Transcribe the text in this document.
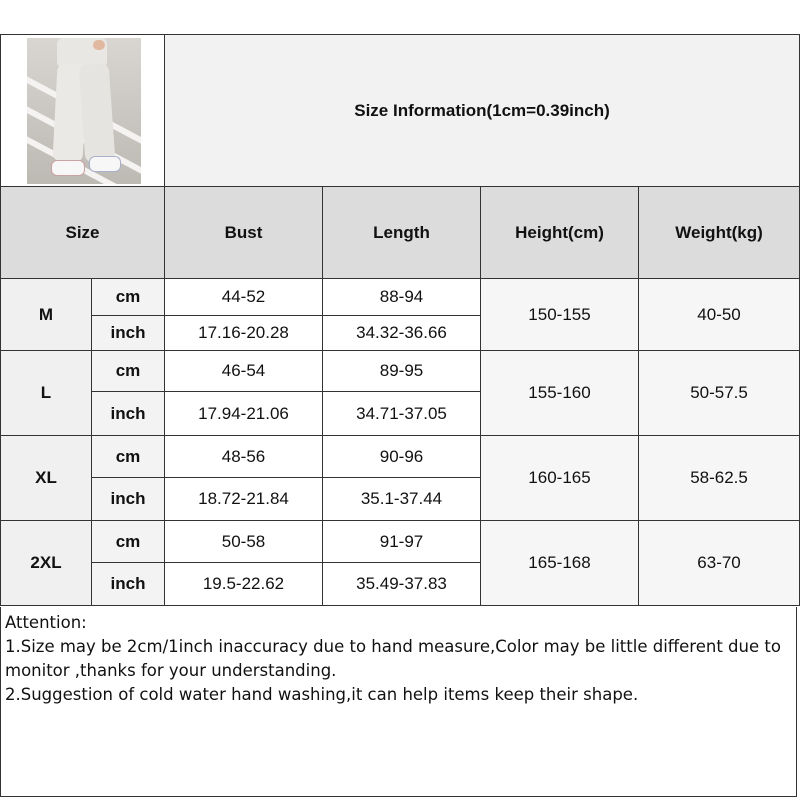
		Size Information(1cm=0.39inch)			
Size		Bust	Length	Height(cm)	Weight(kg)
M	cm	44-52	88-94	150-155	40-50
	inch	17.16-20.28	34.32-36.66		
L	cm	46-54	89-95	155-160	50-57.5
	inch	17.94-21.06	34.71-37.05		
XL	cm	48-56	90-96	160-165	58-62.5
	inch	18.72-21.84	35.1-37.44		
2XL	cm	50-58	91-97	165-168	63-70
	inch	19.5-22.62	35.49-37.83		
Attention:
1.Size may be 2cm/1inch inaccuracy due to hand measure,Color may be little different due to
monitor ,thanks for your understanding.
2.Suggestion of cold water hand washing,it can help items keep their shape.
